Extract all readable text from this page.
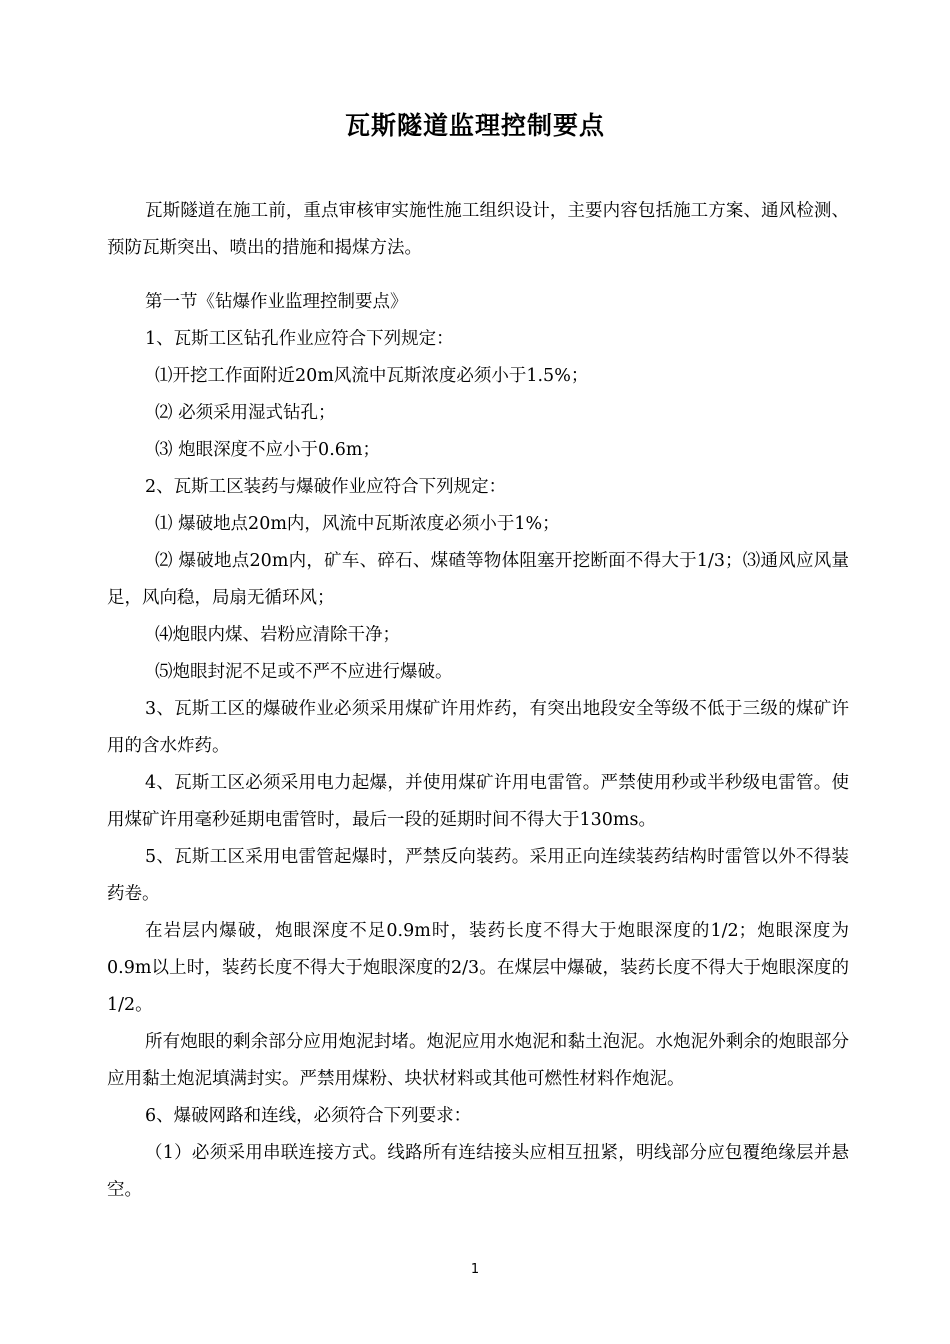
瓦斯隧道监理控制要点

瓦斯隧道在施工前，重点审核审实施性施工组织设计，主要内容包括施工方案、通风检测、预防瓦斯突出、喷出的措施和揭煤方法。

第一节《钻爆作业监理控制要点》

1、瓦斯工区钻孔作业应符合下列规定：

⑴开挖工作面附近20m风流中瓦斯浓度必须小于1.5%；

⑵ 必须采用湿式钻孔；

⑶ 炮眼深度不应小于0.6m；

2、瓦斯工区装药与爆破作业应符合下列规定：

⑴ 爆破地点20m内，风流中瓦斯浓度必须小于1%；

⑵ 爆破地点20m内，矿车、碎石、煤碴等物体阻塞开挖断面不得大于1/3；⑶通风应风量足，风向稳，局扇无循环风；

⑷炮眼内煤、岩粉应清除干净；

⑸炮眼封泥不足或不严不应进行爆破。

3、瓦斯工区的爆破作业必须采用煤矿许用炸药，有突出地段安全等级不低于三级的煤矿许用的含水炸药。

4、瓦斯工区必须采用电力起爆，并使用煤矿许用电雷管。严禁使用秒或半秒级电雷管。使用煤矿许用毫秒延期电雷管时，最后一段的延期时间不得大于130ms。

5、瓦斯工区采用电雷管起爆时，严禁反向装药。采用正向连续装药结构时雷管以外不得装药卷。

在岩层内爆破，炮眼深度不足0.9m时，装药长度不得大于炮眼深度的1/2；炮眼深度为0.9m以上时，装药长度不得大于炮眼深度的2/3。在煤层中爆破，装药长度不得大于炮眼深度的1/2。

所有炮眼的剩余部分应用炮泥封堵。炮泥应用水炮泥和黏土泡泥。水炮泥外剩余的炮眼部分应用黏土炮泥填满封实。严禁用煤粉、块状材料或其他可燃性材料作炮泥。

6、爆破网路和连线，必须符合下列要求：

（1）必须采用串联连接方式。线路所有连结接头应相互扭紧，明线部分应包覆绝缘层并悬空。

1
